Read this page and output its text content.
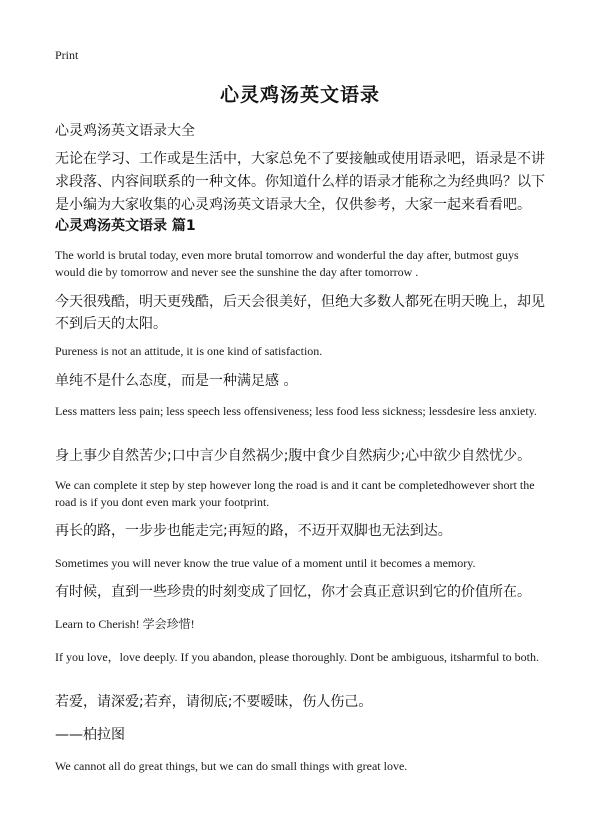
Print
心灵鸡汤英文语录
心灵鸡汤英文语录大全
无论在学习、工作或是生活中，大家总免不了要接触或使用语录吧，语录是不讲求段落、内容间联系的一种文体。你知道什么样的语录才能称之为经典吗？以下是小编为大家收集的心灵鸡汤英文语录大全，仅供参考，大家一起来看看吧。
心灵鸡汤英文语录 篇1
The world is brutal today, even more brutal tomorrow and wonderful the day after, butmost guys would die by tomorrow and never see the sunshine the day after tomorrow .
今天很残酷，明天更残酷，后天会很美好，但绝大多数人都死在明天晚上，却见不到后天的太阳。
Pureness is not an attitude, it is one kind of satisfaction.
单纯不是什么态度，而是一种满足感 。
Less matters less pain; less speech less offensiveness; less food less sickness; lessdesire less anxiety.
身上事少自然苦少;口中言少自然祸少;腹中食少自然病少;心中欲少自然忧少。
We can complete it step by step however long the road is and it cant be completedhowever short the road is if you dont even mark your footprint.
再长的路，一步步也能走完;再短的路，不迈开双脚也无法到达。
Sometimes you will never know the true value of a moment until it becomes a memory.
有时候，直到一些珍贵的时刻变成了回忆，你才会真正意识到它的价值所在。
Learn to Cherish! 学会珍惜!
If you love，love deeply. If you abandon, please thoroughly. Dont be ambiguous, itsharmful to both.
若爱，请深爱;若弃，请彻底;不要暧昧，伤人伤己。
——柏拉图
We cannot all do great things, but we can do small things with great love.
